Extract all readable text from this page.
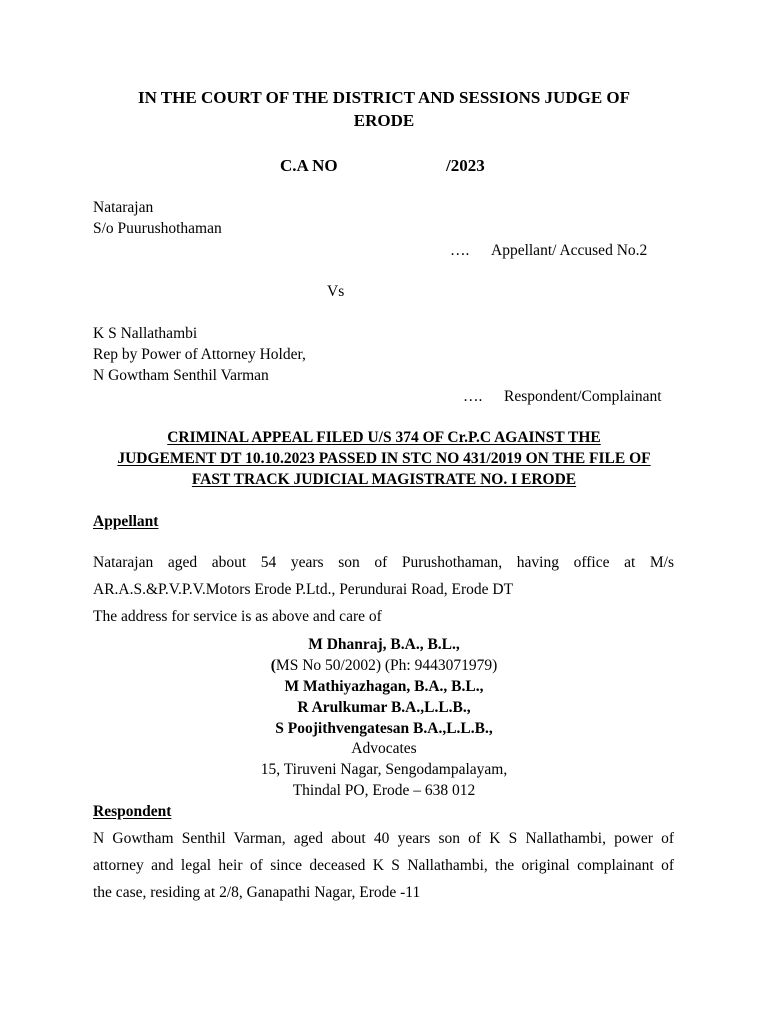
IN THE COURT OF THE DISTRICT AND SESSIONS JUDGE OF
ERODE
C.A NO	/2023
Natarajan
S/o Puurushothaman
…. Appellant/ Accused No.2
Vs
K S Nallathambi
Rep by Power of Attorney Holder,
N Gowtham Senthil Varman
…. Respondent/Complainant
CRIMINAL APPEAL FILED U/S 374 OF Cr.P.C AGAINST THE
JUDGEMENT DT 10.10.2023 PASSED IN STC NO 431/2019 ON THE FILE OF
FAST TRACK JUDICIAL MAGISTRATE NO. I ERODE
Appellant
Natarajan aged about 54 years son of Purushothaman, having office at M/s
AR.A.S.&P.V.P.V.Motors Erode P.Ltd., Perundurai Road, Erode DT
The address for service is as above and care of
M Dhanraj, B.A., B.L.,
(MS No 50/2002) (Ph: 9443071979)
M Mathiyazhagan, B.A., B.L.,
R Arulkumar B.A.,L.L.B.,
S Poojithvengatesan B.A.,L.L.B.,
Advocates
15, Tiruveni Nagar, Sengodampalayam,
Thindal PO, Erode – 638 012
Respondent
N Gowtham Senthil Varman, aged about 40 years son of K S Nallathambi, power of
attorney and legal heir of since deceased K S Nallathambi, the original complainant of
the case, residing at 2/8, Ganapathi Nagar, Erode -11
